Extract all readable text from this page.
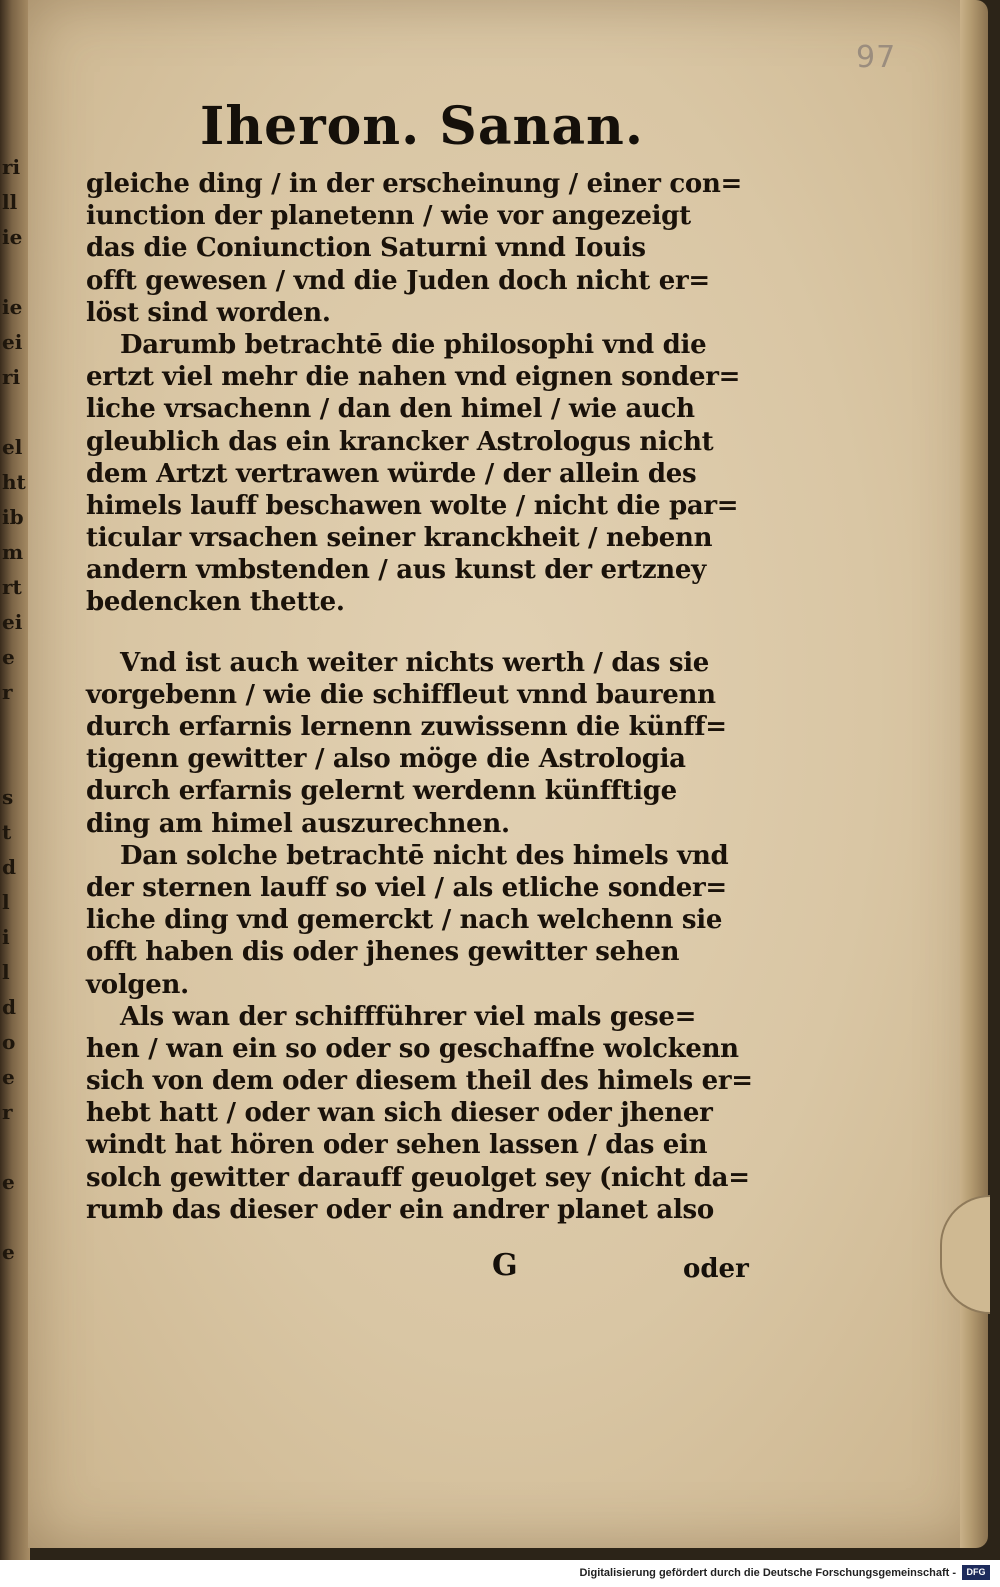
ri
ll
ie
ie
ei
ri
el
ht
ib
m
rt
ei
e
r
s
t
d
l
i
l
d
o
e
r
e
e
97
Iheron. Sanan.
gleiche ding / in der erscheinung / einer con=
iunction der planetenn / wie vor angezeigt
das die Coniunction Saturni vnnd Iouis
offt gewesen / vnd die Juden doch nicht er=
löst sind worden.
Darumb betrachtē die philosophi vnd die
ertzt viel mehr die nahen vnd eignen sonder=
liche vrsachenn / dan den himel / wie auch
gleublich das ein krancker Astrologus nicht
dem Artzt vertrawen würde / der allein des
himels lauff beschawen wolte / nicht die par=
ticular vrsachen seiner kranckheit / nebenn
andern vmbstenden / aus kunst der ertzney
bedencken thette.
Vnd ist auch weiter nichts werth / das sie
vorgebenn / wie die schiffleut vnnd baurenn
durch erfarnis lernenn zuwissenn die künff=
tigenn gewitter / also möge die Astrologia
durch erfarnis gelernt werdenn künfftige
ding am himel auszurechnen.
Dan solche betrachtē nicht des himels vnd
der sternen lauff so viel / als etliche sonder=
liche ding vnd gemerckt / nach welchenn sie
offt haben dis oder jhenes gewitter sehen
volgen.
Als wan der schiffführer viel mals gese=
hen / wan ein so oder so geschaffne wolckenn
sich von dem oder diesem theil des himels er=
hebt hatt / oder wan sich dieser oder jhener
windt hat hören oder sehen lassen / das ein
solch gewitter darauff geuolget sey (nicht da=
rumb das dieser oder ein andrer planet also
G	oder
Digitalisierung gefördert durch die Deutsche Forschungsgemeinschaft -	DFG
